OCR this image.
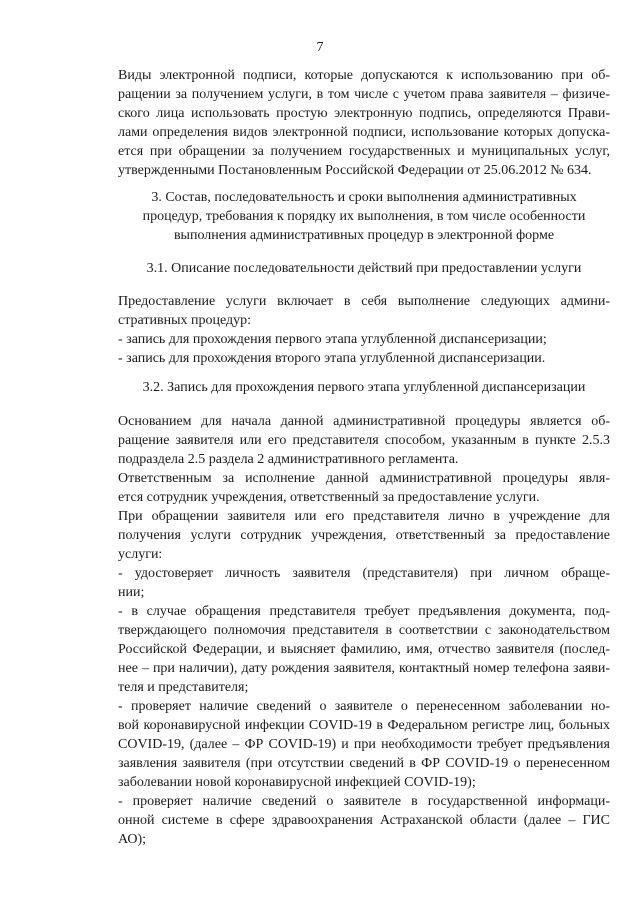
7
Виды электронной подписи, которые допускаются к использованию при об-
ращении за получением услуги, в том числе с учетом права заявителя – физиче-
ского лица использовать простую электронную подпись, определяются Прави-
лами определения видов электронной подписи, использование которых допуска-
ется при обращении за получением государственных и муниципальных услуг,
утвержденными Постановленным Российской Федерации от 25.06.2012 № 634.
3. Состав, последовательность и сроки выполнения административных
процедур, требования к порядку их выполнения, в том числе особенности
выполнения административных процедур в электронной форме
3.1. Описание последовательности действий при предоставлении услуги
Предоставление услуги включает в себя выполнение следующих админи-
стративных процедур:
- запись для прохождения первого этапа углубленной диспансеризации;
- запись для прохождения второго этапа углубленной диспансеризации.
3.2. Запись для прохождения первого этапа углубленной диспансеризации
Основанием для начала данной административной процедуры является об-
ращение заявителя или его представителя способом, указанным в пункте 2.5.3
подраздела 2.5 раздела 2 административного регламента.
Ответственным за исполнение данной административной процедуры явля-
ется сотрудник учреждения, ответственный за предоставление услуги.
При обращении заявителя или его представителя лично в учреждение для
получения услуги сотрудник учреждения, ответственный за предоставление
услуги:
- удостоверяет личность заявителя (представителя) при личном обраще-
нии;
- в случае обращения представителя требует предъявления документа, под-
тверждающего полномочия представителя в соответствии с законодательством
Российской Федерации, и выясняет фамилию, имя, отчество заявителя (послед-
нее – при наличии), дату рождения заявителя, контактный номер телефона заяви-
теля и представителя;
- проверяет наличие сведений о заявителе о перенесенном заболевании но-
вой коронавирусной инфекции COVID-19 в Федеральном регистре лиц, больных
COVID-19, (далее – ФР COVID-19) и при необходимости требует предъявления
заявления заявителя (при отсутствии сведений в ФР COVID-19 о перенесенном
заболевании новой коронавирусной инфекцией COVID-19);
- проверяет наличие сведений о заявителе в государственной информаци-
онной системе в сфере здравоохранения Астраханской области (далее – ГИС
АО);
